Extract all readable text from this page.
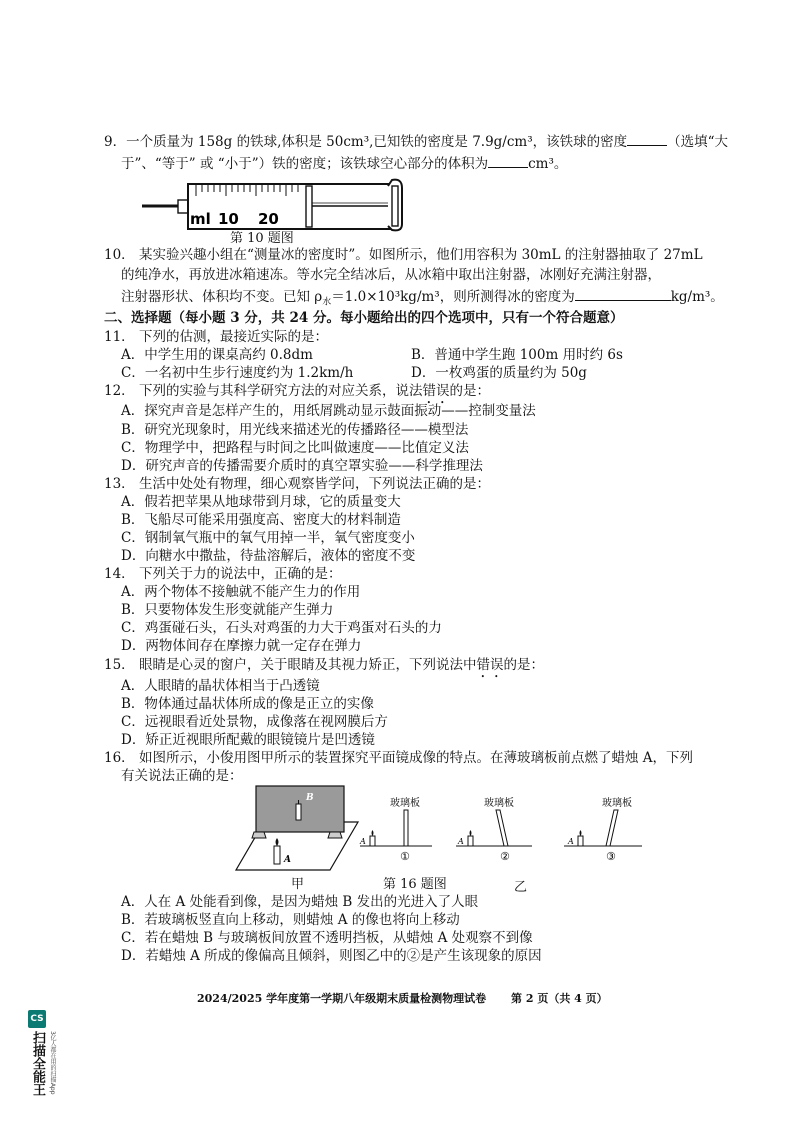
9．一个质量为 158g 的铁球,体积是 50cm³,已知铁的密度是 7.9g/cm³，该铁球的密度	（选填“大
于”、“等于” 或 “小于”）铁的密度；该铁球空心部分的体积为	cm³。
ml 10 20
第 10 题图
10． 某实验兴趣小组在“测量冰的密度时”。如图所示，他们用容积为 30mL 的注射器抽取了 27mL
的纯净水，再放进冰箱速冻。等水完全结冰后，从冰箱中取出注射器，冰刚好充满注射器，
注射器形状、体积均不变。已知 $\rho_水=1.0\times 10^3kg/m^3$，则所测得冰的密度为	kg/m³。
二、选择题（每小题 3 分，共 24 分。每小题给出的四个选项中，只有一个符合题意）
11． 下列的估测，最接近实际的是：
A．中学生用的课桌高约 0.8dm	B．普通中学生跑 100m 用时约 6s
C．一名初中生步行速度约为 1.2km/h	D．一枚鸡蛋的质量约为 50g
12． 下列的实验与其科学研究方法的对应关系，说法错误的是：
A．探究声音是怎样产生的，用纸屑跳动显示鼓面振动——控制变量法
B．研究光现象时，用光线来描述光的传播路径——模型法
C．物理学中，把路程与时间之比叫做速度——比值定义法
D．研究声音的传播需要介质时的真空罩实验——科学推理法
13． 生活中处处有物理，细心观察皆学问，下列说法正确的是：
A．假若把苹果从地球带到月球，它的质量变大
B．飞船尽可能采用强度高、密度大的材料制造
C．钢制氧气瓶中的氧气用掉一半，氧气密度变小
D．向糖水中撒盐，待盐溶解后，液体的密度不变
14． 下列关于力的说法中，正确的是：
A．两个物体不接触就不能产生力的作用
B．只要物体发生形变就能产生弹力
C．鸡蛋碰石头，石头对鸡蛋的力大于鸡蛋对石头的力
D．两物体间存在摩擦力就一定存在弹力
15． 眼睛是心灵的窗户，关于眼睛及其视力矫正，下列说法中错误的是：
A．人眼睛的晶状体相当于凸透镜
B．物体通过晶状体所成的像是正立的实像
C．远视眼看近处景物，成像落在视网膜后方
D．矫正近视眼所配戴的眼镜镜片是凹透镜
16． 如图所示，小俊用图甲所示的装置探究平面镜成像的特点。在薄玻璃板前点燃了蜡烛 A，下列
有关说法正确的是：
B
A
甲
玻璃板
A
①
玻璃板
A
②
玻璃板
A
③
第 16 题图	乙
A．人在 A 处能看到像，是因为蜡烛 B 发出的光进入了人眼
B．若玻璃板竖直向上移动，则蜡烛 A 的像也将向上移动
C．若在蜡烛 B 与玻璃板间放置不透明挡板，从蜡烛 A 处观察不到像
D．若蜡烛 A 所成的像偏高且倾斜，则图乙中的②是产生该现象的原因
2024/2025 学年度第一学期八年级期末质量检测物理试卷 第 2 页（共 4 页）
CS
扫描全能王 3亿人都在用的扫描App
